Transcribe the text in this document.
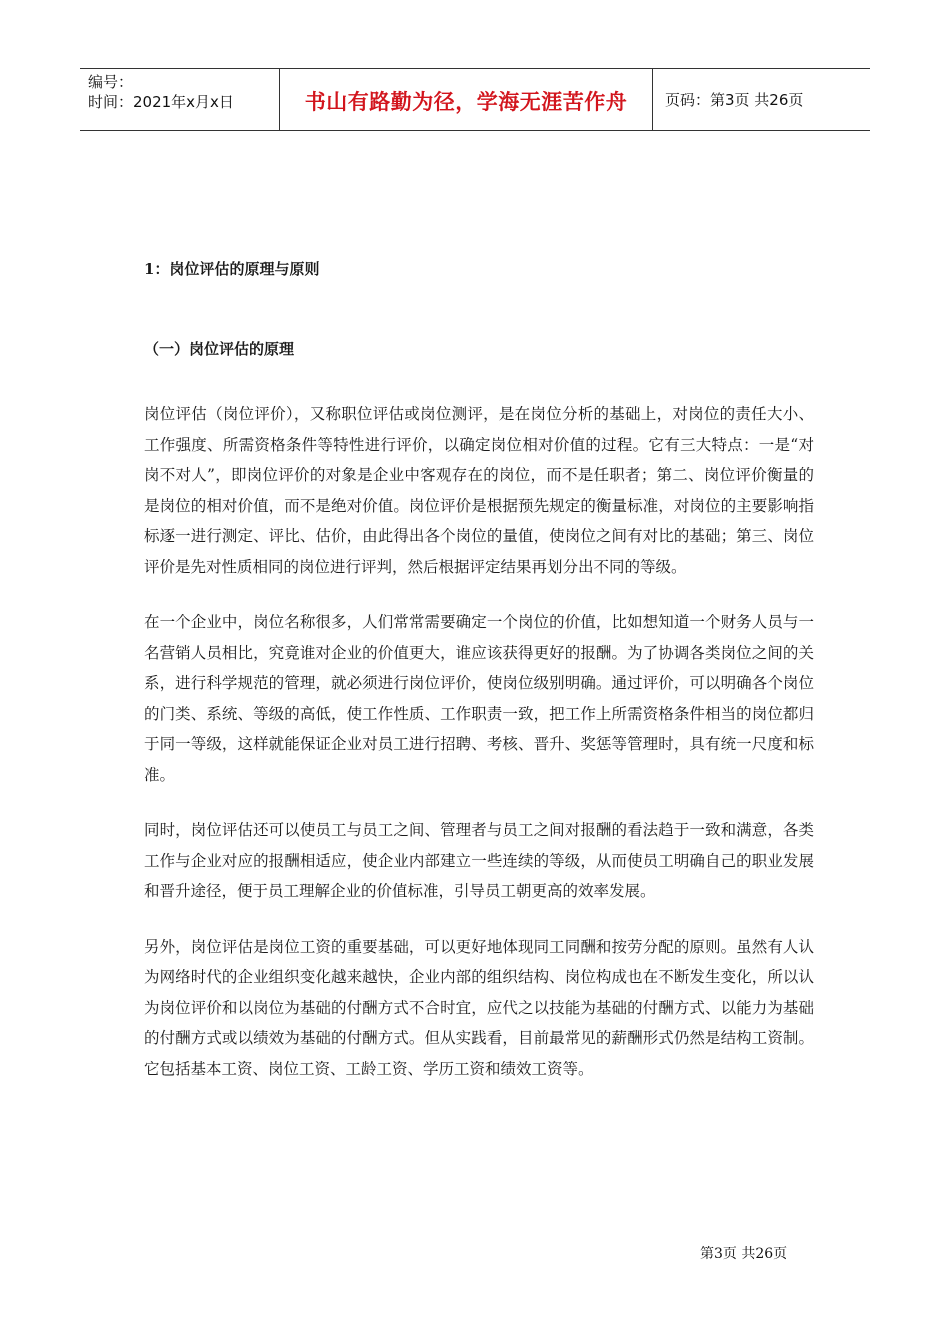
编号：
时间：2021年x月x日	书山有路勤为径，学海无涯苦作舟	页码：第3页 共26页
1：岗位评估的原理与原则
（一）岗位评估的原理

岗位评估（岗位评价），又称职位评估或岗位测评，是在岗位分析的基础上，对岗位的责任大小、工作强度、所需资格条件等特性进行评价，以确定岗位相对价值的过程。它有三大特点：一是“对岗不对人”，即岗位评价的对象是企业中客观存在的岗位，而不是任职者；第二、岗位评价衡量的是岗位的相对价值，而不是绝对价值。岗位评价是根据预先规定的衡量标准，对岗位的主要影响指标逐一进行测定、评比、估价，由此得出各个岗位的量值，使岗位之间有对比的基础；第三、岗位评价是先对性质相同的岗位进行评判，然后根据评定结果再划分出不同的等级。

在一个企业中，岗位名称很多，人们常常需要确定一个岗位的价值，比如想知道一个财务人员与一名营销人员相比，究竟谁对企业的价值更大，谁应该获得更好的报酬。为了协调各类岗位之间的关系，进行科学规范的管理，就必须进行岗位评价，使岗位级别明确。通过评价，可以明确各个岗位的门类、系统、等级的高低，使工作性质、工作职责一致，把工作上所需资格条件相当的岗位都归于同一等级，这样就能保证企业对员工进行招聘、考核、晋升、奖惩等管理时，具有统一尺度和标准。

同时，岗位评估还可以使员工与员工之间、管理者与员工之间对报酬的看法趋于一致和满意，各类工作与企业对应的报酬相适应，使企业内部建立一些连续的等级，从而使员工明确自己的职业发展和晋升途径，便于员工理解企业的价值标准，引导员工朝更高的效率发展。

另外，岗位评估是岗位工资的重要基础，可以更好地体现同工同酬和按劳分配的原则。虽然有人认为网络时代的企业组织变化越来越快，企业内部的组织结构、岗位构成也在不断发生变化，所以认为岗位评价和以岗位为基础的付酬方式不合时宜，应代之以技能为基础的付酬方式、以能力为基础的付酬方式或以绩效为基础的付酬方式。但从实践看，目前最常见的薪酬形式仍然是结构工资制。它包括基本工资、岗位工资、工龄工资、学历工资和绩效工资等。

第3页 共26页
